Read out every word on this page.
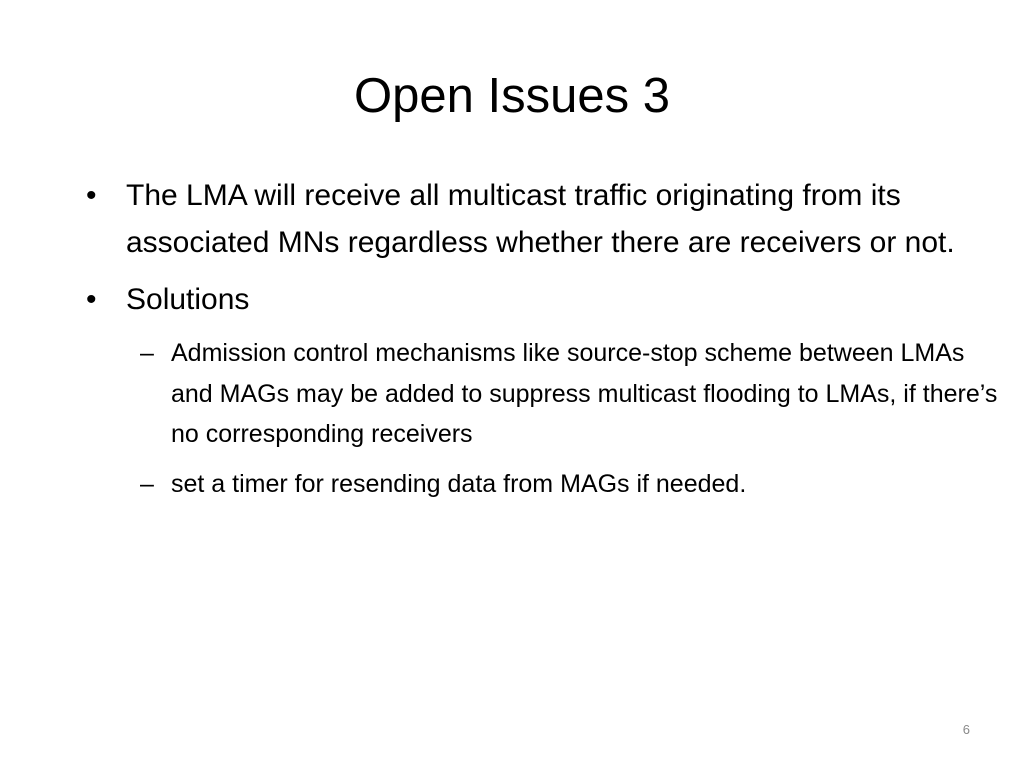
Open Issues 3
• The LMA will receive all multicast traffic originating from its associated MNs regardless whether there are receivers or not.
• Solutions
– Admission control mechanisms like source-stop scheme between LMAs and MAGs may be added to suppress multicast flooding to LMAs, if there’s no corresponding receivers
– set a timer for resending data from MAGs if needed.
6
